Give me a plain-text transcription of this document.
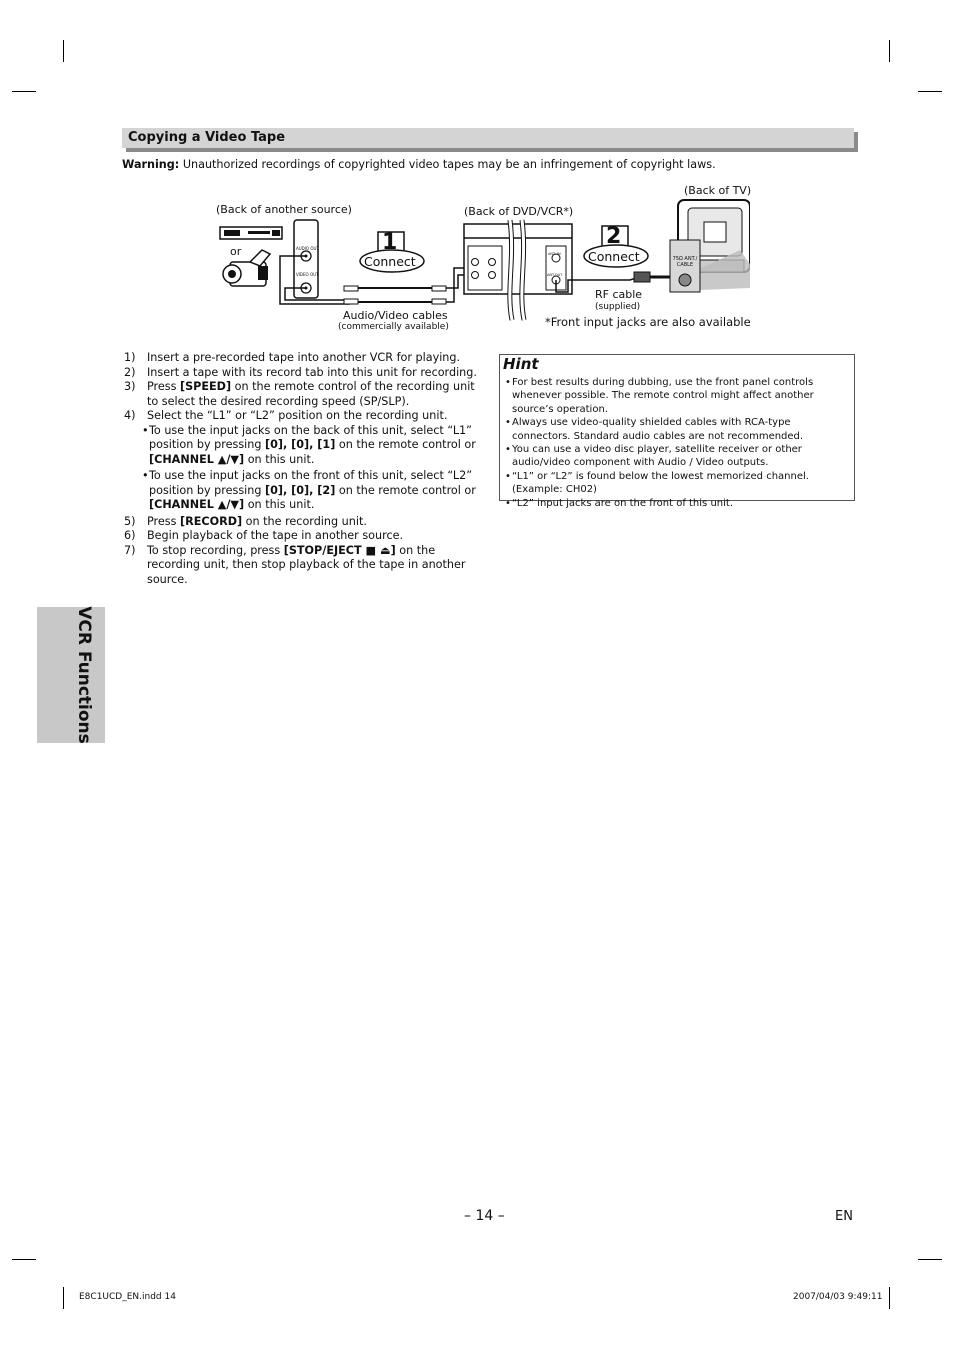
Copying a Video Tape
Warning: Unauthorized recordings of copyrighted video tapes may be an infringement of copyright laws.
(Back of another source)
or	AUDIO OUT
VIDEO OUT
1
Connect
(Back of DVD/VCR*)
ANT. IN
ANT.OUT
2
Connect
(Back of TV)
75Ω ANT./ CABLE
RF cable
(supplied)
Audio/Video cables
(commercially available)	*Front input jacks are also available

1) Insert a pre-recorded tape into another VCR for playing.

2) Insert a tape with its record tab into this unit for recording.

3) Press [SPEED] on the remote control of the recording unit to select the desired recording speed (SP/SLP).

4) Select the “L1” or “L2” position on the recording unit.

• To use the input jacks on the back of this unit, select “L1” position by pressing [0], [0], [1] on the remote control or [CHANNEL ▲/▼] on this unit.

• To use the input jacks on the front of this unit, select “L2” position by pressing [0], [0], [2] on the remote control or [CHANNEL ▲/▼] on this unit.

5) Press [RECORD] on the recording unit.

6) Begin playback of the tape in another source.

7) To stop recording, press [STOP/EJECT ■ ⏏] on the recording unit, then stop playback of the tape in another source.

Hint

• For best results during dubbing, use the front panel controls whenever possible. The remote control might affect another source’s operation.

• Always use video-quality shielded cables with RCA-type connectors. Standard audio cables are not recommended.

• You can use a video disc player, satellite receiver or other audio/video component with Audio / Video outputs.

• “L1” or “L2” is found below the lowest memorized channel. (Example: CH02)

• “L2” input jacks are on the front of this unit.

VCR Functions
– 14 –	EN
E8C1UCD_EN.indd 14	2007/04/03 9:49:11
